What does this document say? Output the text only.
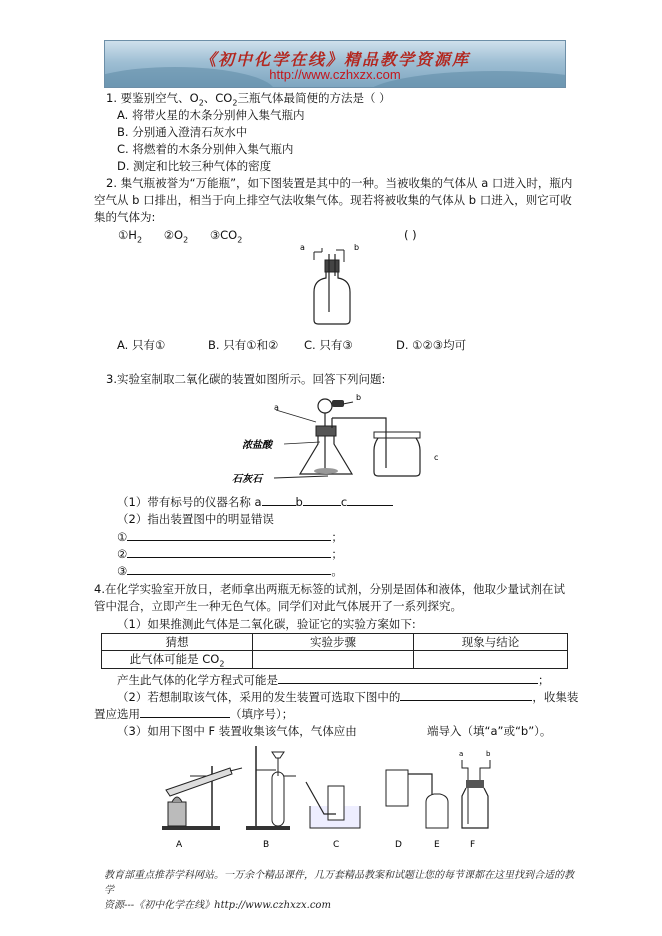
《初中化学在线》精品教学资源库
http://www.czhxzx.com
1. 要鉴别空气、$O_2$、$CO_2$三瓶气体最简便的方法是（ ）
A. 将带火星的木条分别伸入集气瓶内
B. 分别通入澄清石灰水中
C. 将燃着的木条分别伸入集气瓶内
D. 测定和比较三种气体的密度
2. 集气瓶被誉为“万能瓶”，如下图装置是其中的一种。当被收集的气体从 a 口进入时，瓶内
空气从 b 口排出，相当于向上排空气法收集气体。现若将被收集的气体从 b 口进入，则它可收
集的气体为:
$①H_2$ $②O_2$ $③CO_2$	( )
a	b
A. 只有①	B. 只有①和② C. 只有③	D. ①②③均可
3.实验室制取二氧化碳的装置如图所示。回答下列问题:
a
b
c
浓盐酸
石灰石
（1）带有标号的仪器名称 a	b	c
（2）指出装置图中的明显错误
①	；
②	；
③	。
4.在化学实验室开放日，老师拿出两瓶无标签的试剂，分别是固体和液体，他取少量试剂在试
管中混合，立即产生一种无色气体。同学们对此气体展开了一系列探究。
（1）如果推测此气体是二氧化碳，验证它的实验方案如下:
猜想	实验步骤	现象与结论
此气体可能是 $CO_2$		
产生此气体的化学方程式可能是	；
（2）若想制取该气体，采用的发生装置可选取下图中的	，收集装
置应选用	（填序号）；
（3）如用下图中 F 装置收集该气体，气体应由	端导入（填“a”或“b”）。
A	B	C	D	E
a	b
F
教育部重点推荐学科网站。一万余个精品课件，几万套精品教案和试题让您的每节课都在这里找到合适的教学
资源---《初中化学在线》http://www.czhxzx.com
